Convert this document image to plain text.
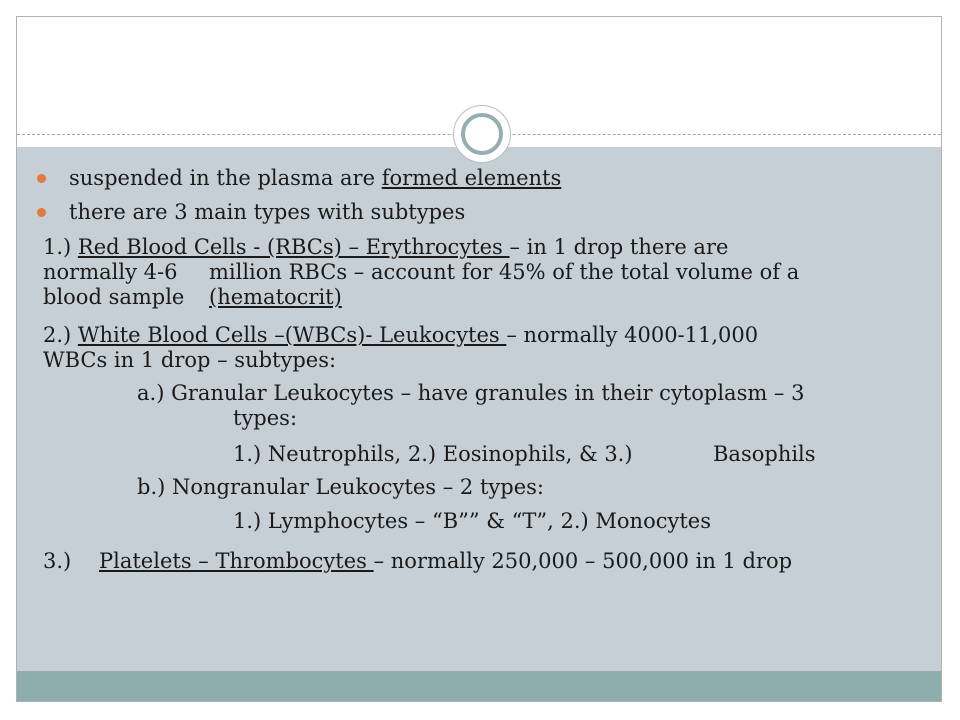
suspended in the plasma are formed elements
there are 3 main types with subtypes
1.) Red Blood Cells - (RBCs) – Erythrocytes – in 1 drop there are
normally 4-6 million RBCs – account for 45% of the total volume of a
blood sample (hematocrit)
2.) White Blood Cells –(WBCs)- Leukocytes – normally 4000-11,000
WBCs in 1 drop – subtypes:
a.) Granular Leukocytes – have granules in their cytoplasm – 3
types:
1.) Neutrophils, 2.) Eosinophils, & 3.)	Basophils
b.) Nongranular Leukocytes – 2 types:
1.) Lymphocytes – “B”” & “T”, 2.) Monocytes
3.) Platelets – Thrombocytes – normally 250,000 – 500,000 in 1 drop
